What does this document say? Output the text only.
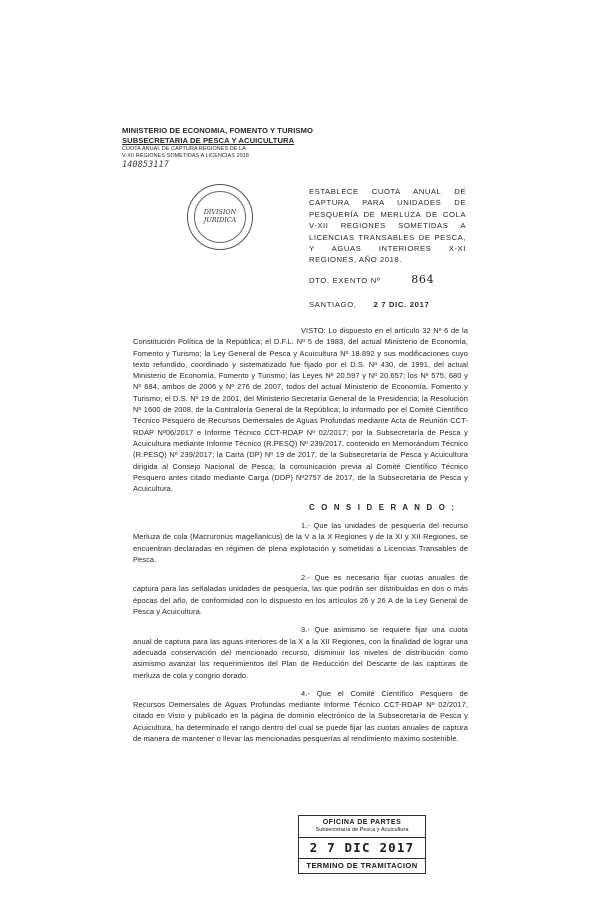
MINISTERIO DE ECONOMIA, FOMENTO Y TURISMO
SUBSECRETARIA DE PESCA Y ACUICULTURA
CUOTA ANUAL DE CAPTURA REGIONES DE LA
V-XII REGIONES SOMETIDAS A LICENCIAS 2018
140853117
DIVISION
JURIDICA
ESTABLECE CUOTA ANUAL DE CAPTURA PARA UNIDADES DE PESQUERÍA DE MERLUZA DE COLA V-XII REGIONES SOMETIDAS A LICENCIAS TRANSABLES DE PESCA, Y AGUAS INTERIORES X-XI REGIONES, AÑO 2018.
DTO. EXENTO Nº	864
SANTIAGO, 2 7 DIC. 2017

VISTO: Lo dispuesto en el artículo 32 Nº 6 de la Constitución Política de la República; el D.F.L. Nº 5 de 1983, del actual Ministerio de Economía, Fomento y Turismo; la Ley General de Pesca y Acuicultura Nº 18.892 y sus modificaciones cuyo texto refundido, coordinado y sistematizado fue fijado por el D.S. Nº 430, de 1991, del actual Ministerio de Economía, Fomento y Turismo; las Leyes Nº 20.597 y Nº 20.657; los Nº 575, 680 y Nº 684, ambos de 2006 y Nº 276 de 2007, todos del actual Ministerio de Economía, Fomento y Turismo; el D.S. Nº 19 de 2001, del Ministerio Secretaría General de la Presidencia; la Resolución Nº 1600 de 2008, de la Contraloría General de la República; lo informado por el Comité Científico Técnico Pesquero de Recursos Demersales de Aguas Profundas mediante Acta de Reunión CCT-RDAP Nº06/2017 e Informe Técnico CCT-RDAP Nº 02/2017; por la Subsecretaría de Pesca y Acuicultura mediante Informe Técnico (R.PESQ) Nº 239/2017, contenido en Memorándum Técnico (R.PESQ) Nº 239/2017; la Carta (DP) Nº 19 de 2017, de la Subsecretaría de Pesca y Acuicultura dirigida al Consejo Nacional de Pesca; la comunicación previa al Comité Científico Técnico Pesquero antes citado mediante Carga (DDP) Nº2757 de 2017, de la Subsecretaría de Pesca y Acuicultura.

C O N S I D E R A N D O :

1.- Que las unidades de pesquería del recurso Merluza de cola (Macruronus magellanicus) de la V a la X Regiones y de la XI y XII Regiones, se encuentran declaradas en régimen de plena explotación y sometidas a Licencias Transables de Pesca.

2.- Que es necesario fijar cuotas anuales de captura para las señaladas unidades de pesquería, las que podrán ser distribuidas en dos o más épocas del año, de conformidad con lo dispuesto en los artículos 26 y 26 A de la Ley General de Pesca y Acuicultura.

3.- Que asimismo se requiere fijar una cuota anual de captura para las aguas interiores de la X a la XII Regiones, con la finalidad de lograr una adecuada conservación del mencionado recurso, disminuir los niveles de distribución como asimismo avanzar los requerimientos del Plan de Reducción del Descarte de las capturas de merluza de cola y congrio dorado.

4.- Que el Comité Científico Pesquero de Recursos Demersales de Aguas Profundas mediante Informe Técnico CCT-RDAP Nº 02/2017, citado en Visto y publicado en la página de dominio electrónico de la Subsecretaría de Pesca y Acuicultura, ha determinado el rango dentro del cual se puede fijar las cuotas anuales de captura de manera de mantener o llevar las mencionadas pesquerías al rendimiento máximo sostenible.

OFICINA DE PARTES
Subsecretaría de Pesca y Acuicultura
2 7 DIC 2017
TERMINO DE TRAMITACION
